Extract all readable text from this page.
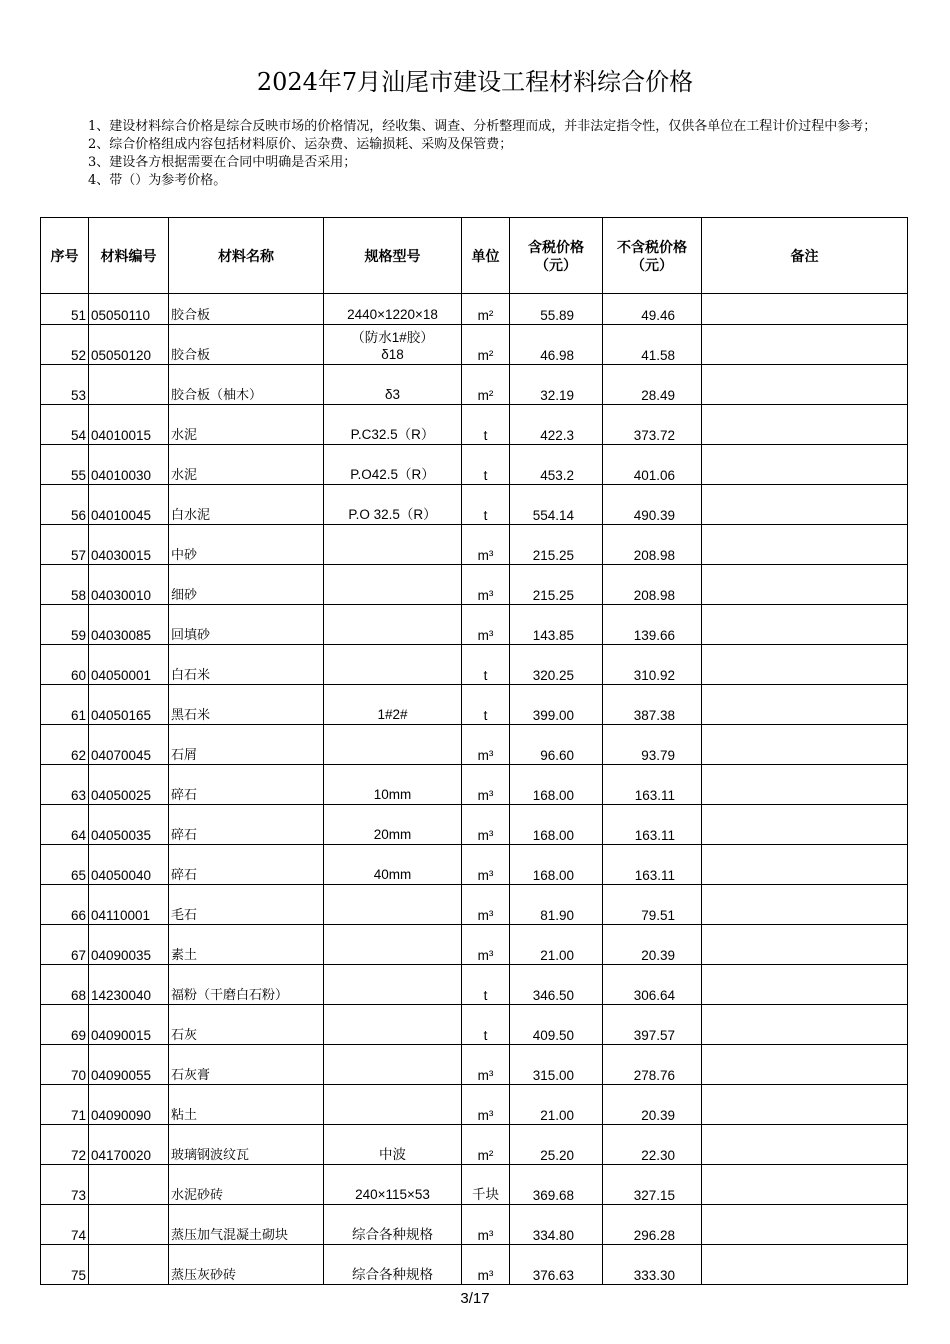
2024年7月汕尾市建设工程材料综合价格
1、建设材料综合价格是综合反映市场的价格情况，经收集、调查、分析整理而成，并非法定指令性，仅供各单位在工程计价过程中参考；
2、综合价格组成内容包括材料原价、运杂费、运输损耗、采购及保管费；
3、建设各方根据需要在合同中明确是否采用；
4、带（）为参考价格。
序号	材料编号	材料名称	规格型号	单位	含税价格
（元）	不含税价格
（元）	备注
51	05050110	胶合板	2440×1220×18	m²	55.89	49.46	
52	05050120	胶合板	（防水1#胶）
δ18	m²	46.98	41.58	
53		胶合板（柚木）	δ3	m²	32.19	28.49	
54	04010015	水泥	P.C32.5（R）	t	422.3	373.72	
55	04010030	水泥	P.O42.5（R）	t	453.2	401.06	
56	04010045	白水泥	P.O 32.5（R）	t	554.14	490.39	
57	04030015	中砂		m³	215.25	208.98	
58	04030010	细砂		m³	215.25	208.98	
59	04030085	回填砂		m³	143.85	139.66	
60	04050001	白石米		t	320.25	310.92	
61	04050165	黑石米	1#2#	t	399.00	387.38	
62	04070045	石屑		m³	96.60	93.79	
63	04050025	碎石	10mm	m³	168.00	163.11	
64	04050035	碎石	20mm	m³	168.00	163.11	
65	04050040	碎石	40mm	m³	168.00	163.11	
66	04110001	毛石		m³	81.90	79.51	
67	04090035	素土		m³	21.00	20.39	
68	14230040	福粉（干磨白石粉）		t	346.50	306.64	
69	04090015	石灰		t	409.50	397.57	
70	04090055	石灰膏		m³	315.00	278.76	
71	04090090	粘土		m³	21.00	20.39	
72	04170020	玻璃钢波纹瓦	中波	m²	25.20	22.30	
73		水泥砂砖	240×115×53	千块	369.68	327.15	
74		蒸压加气混凝土砌块	综合各种规格	m³	334.80	296.28	
75		蒸压灰砂砖	综合各种规格	m³	376.63	333.30	
3/17
